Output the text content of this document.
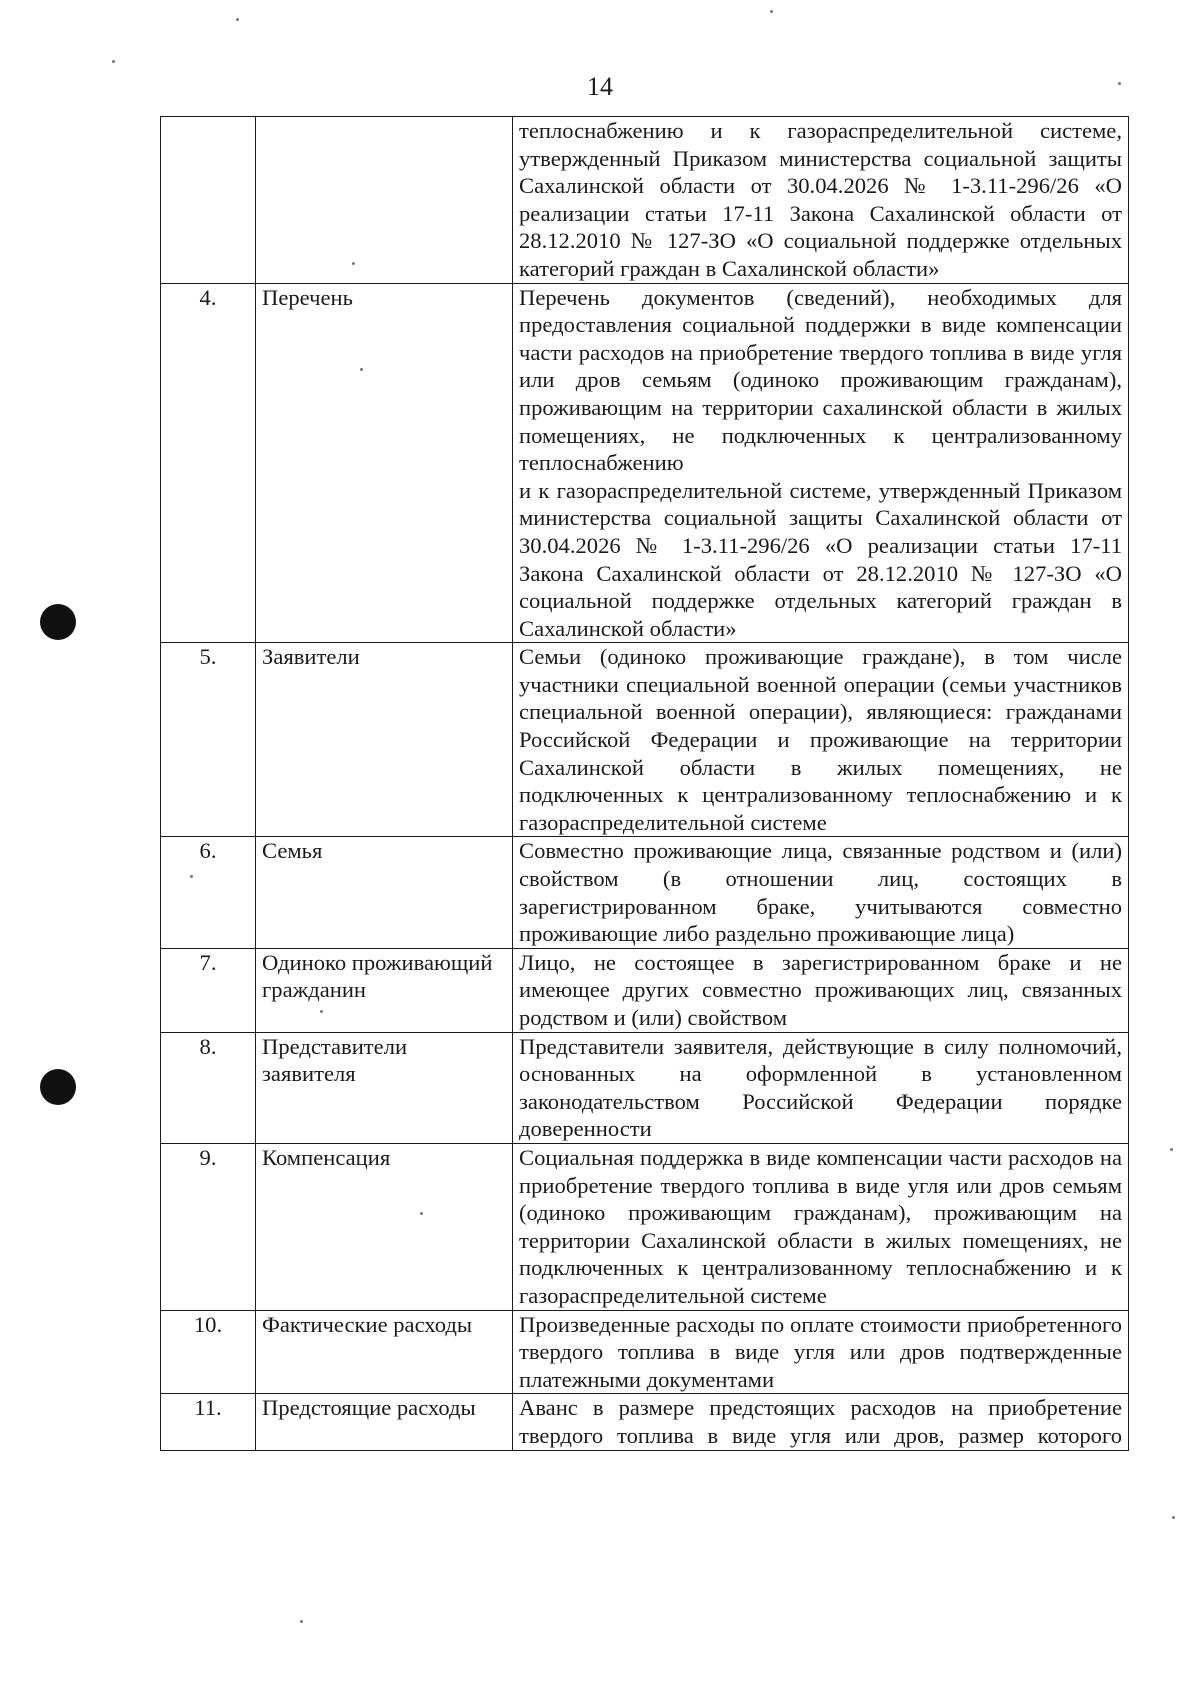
14
		теплоснабжению и к газораспределительной системе, утвержденный Приказом министерства социальной защиты Сахалинской области от 30.04.2026 № 1-3.11-296/26 «О реализации статьи 17-11 Закона Сахалинской области от 28.12.2010 № 127-ЗО «О социальной поддержке отдельных категорий граждан в Сахалинской области»
4.	Перечень	Перечень документов (сведений), необходимых для предоставления социальной поддержки в виде компенсации части расходов на приобретение твердого топлива в виде угля или дров семьям (одиноко проживающим гражданам), проживающим на территории сахалинской области в жилых помещениях, не подключенных к централизованному теплоснабжению
и к газораспределительной системе, утвержденный Приказом министерства социальной защиты Сахалинской области от 30.04.2026 № 1-3.11-296/26 «О реализации статьи 17-11 Закона Сахалинской области от 28.12.2010 № 127-ЗО «О социальной поддержке отдельных категорий граждан в Сахалинской области»

5.	Заявители	Семьи (одиноко проживающие граждане), в том числе участники специальной военной операции (семьи участников специальной военной операции), являющиеся: гражданами Российской Федерации и проживающие на территории Сахалинской области в жилых помещениях, не подключенных к централизованному теплоснабжению и к газораспределительной системе
6.	Семья	Совместно проживающие лица, связанные родством и (или) свойством (в отношении лиц, состоящих в зарегистрированном браке, учитываются совместно проживающие либо раздельно проживающие лица)
7.	Одиноко проживающий гражданин	Лицо, не состоящее в зарегистрированном браке и не имеющее других совместно проживающих лиц, связанных родством и (или) свойством
8.	Представители заявителя	Представители заявителя, действующие в силу полномочий, основанных на оформленной в установленном законодательством Российской Федерации порядке доверенности
9.	Компенсация	Социальная поддержка в виде компенсации части расходов на приобретение твердого топлива в виде угля или дров семьям (одиноко проживающим гражданам), проживающим на территории Сахалинской области в жилых помещениях, не подключенных к централизованному теплоснабжению и к газораспределительной системе
10.	Фактические расходы	Произведенные расходы по оплате стоимости приобретенного твердого топлива в виде угля или дров подтвержденные платежными документами
11.	Предстоящие расходы	Аванс в размере предстоящих расходов на приобретение твердого топлива в виде угля или дров, размер которого
